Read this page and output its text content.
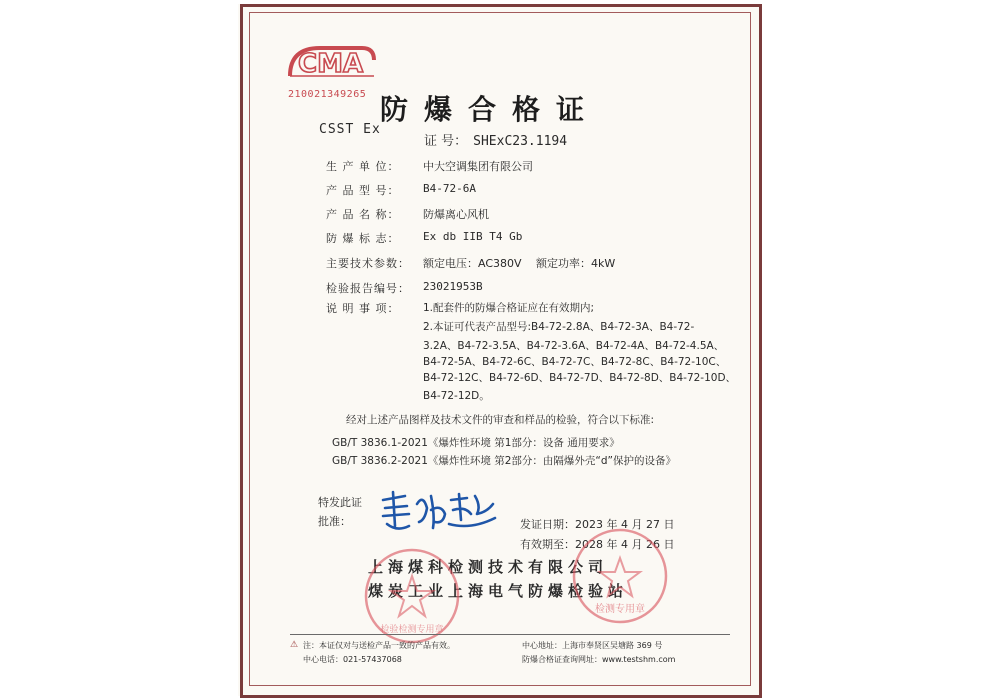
CMA
210021349265 防爆合格证
CSST Ex
证 号： SHExC23.1194
生 产 单 位： 中大空调集团有限公司
产 品 型 号： B4-72-6A
产 品 名 称： 防爆离心风机
防 爆 标 志： Ex db IIB T4 Gb
主要技术参数： 额定电压：AC380V 额定功率：4kW
检验报告编号： 23021953B
说 明 事 项：	1.配套件的防爆合格证应在有效期内;
2.本证可代表产品型号:B4-72-2.8A、B4-72-3A、B4-72-
3.2A、B4-72-3.5A、B4-72-3.6A、B4-72-4A、B4-72-4.5A、
B4-72-5A、B4-72-6C、B4-72-7C、B4-72-8C、B4-72-10C、
B4-72-12C、B4-72-6D、B4-72-7D、B4-72-8D、B4-72-10D、
B4-72-12D。
经对上述产品图样及技术文件的审查和样品的检验，符合以下标准:
GB/T 3836.1-2021《爆炸性环境 第1部分：设备 通用要求》
GB/T 3836.2-2021《爆炸性环境 第2部分：由隔爆外壳“d”保护的设备》
特发此证
批准：	发证日期：2023 年 4 月 27 日
有效期至：2028 年 4 月 26 日
上海煤科检测技术有限公司
煤炭工业上海电气防爆检验站
检验检测专用章
检测专用章
⚠ 注：本证仅对与送检产品一致的产品有效。
中心电话：021-57437068
中心地址：上海市奉贤区吴塘路 369 号
防爆合格证查询网址：www.testshm.com
